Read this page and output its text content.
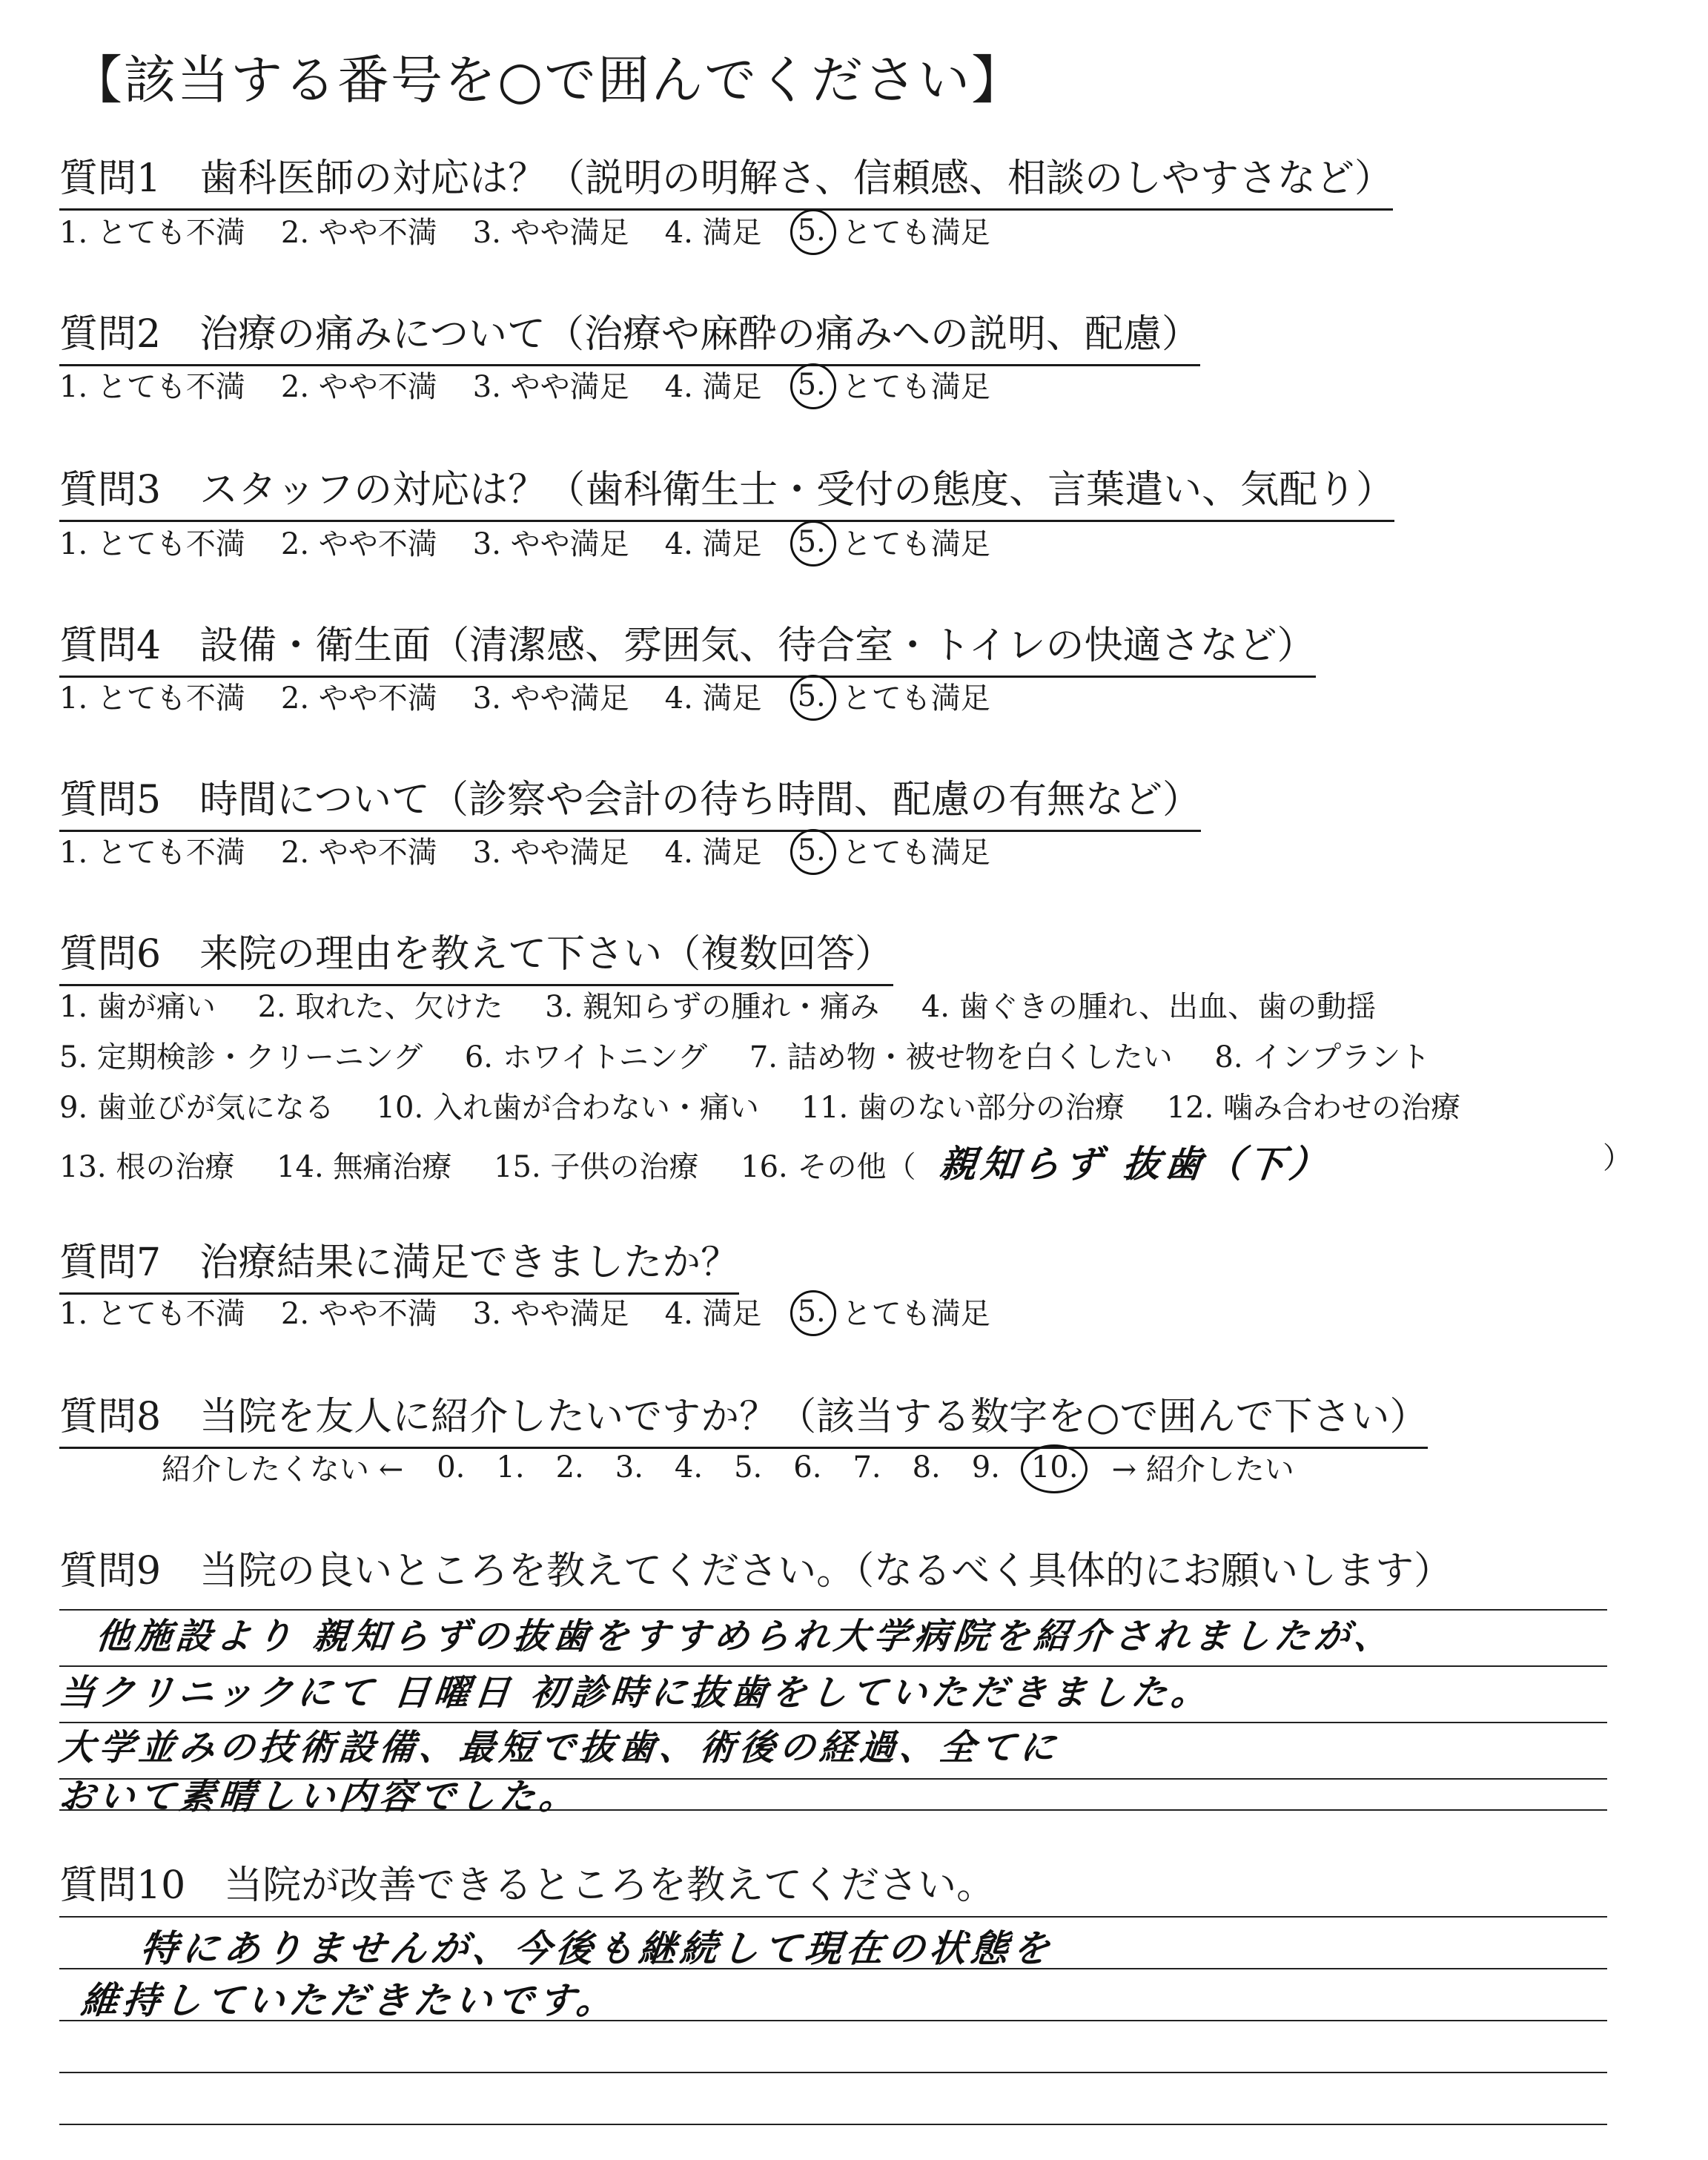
【該当する番号を○で囲んでください】
質問1　歯科医師の対応は？（説明の明解さ、信頼感、相談のしやすさなど）
1. とても不満 2. やや不満 3. やや満足 4. 満足 5. とても満足
質問2　治療の痛みについて（治療や麻酔の痛みへの説明、配慮）
1. とても不満 2. やや不満 3. やや満足 4. 満足 5. とても満足
質問3　スタッフの対応は？（歯科衛生士・受付の態度、言葉遣い、気配り）
1. とても不満 2. やや不満 3. やや満足 4. 満足 5. とても満足
質問4　設備・衛生面（清潔感、雰囲気、待合室・トイレの快適さなど）
1. とても不満 2. やや不満 3. やや満足 4. 満足 5. とても満足
質問5　時間について（診察や会計の待ち時間、配慮の有無など）
1. とても不満 2. やや不満 3. やや満足 4. 満足 5. とても満足
質問6　来院の理由を教えて下さい（複数回答）
1. 歯が痛い 2. 取れた、欠けた 3. 親知らずの腫れ・痛み 4. 歯ぐきの腫れ、出血、歯の動揺
5. 定期検診・クリーニング 6. ホワイトニング 7. 詰め物・被せ物を白くしたい 8. インプラント
9. 歯並びが気になる 10. 入れ歯が合わない・痛い 11. 歯のない部分の治療 12. 噛み合わせの治療
13. 根の治療 14. 無痛治療 15. 子供の治療 16. その他（ 親知らず 抜歯（下）	）
質問7　治療結果に満足できましたか？
1. とても不満 2. やや不満 3. やや満足 4. 満足 5. とても満足
質問8　当院を友人に紹介したいですか？（該当する数字を○で囲んで下さい）
紹介したくない ← 0. 1. 2. 3. 4. 5. 6. 7. 8. 9. 10. → 紹介したい
質問9　当院の良いところを教えてください。（なるべく具体的にお願いします）
他施設より 親知らずの抜歯をすすめられ大学病院を紹介されましたが、
当クリニックにて 日曜日 初診時に抜歯をしていただきました。
大学並みの技術設備、最短で抜歯、術後の経過、全てに
おいて素晴しい内容でした。
質問10　当院が改善できるところを教えてください。
特にありませんが、今後も継続して現在の状態を
維持していただきたいです。
